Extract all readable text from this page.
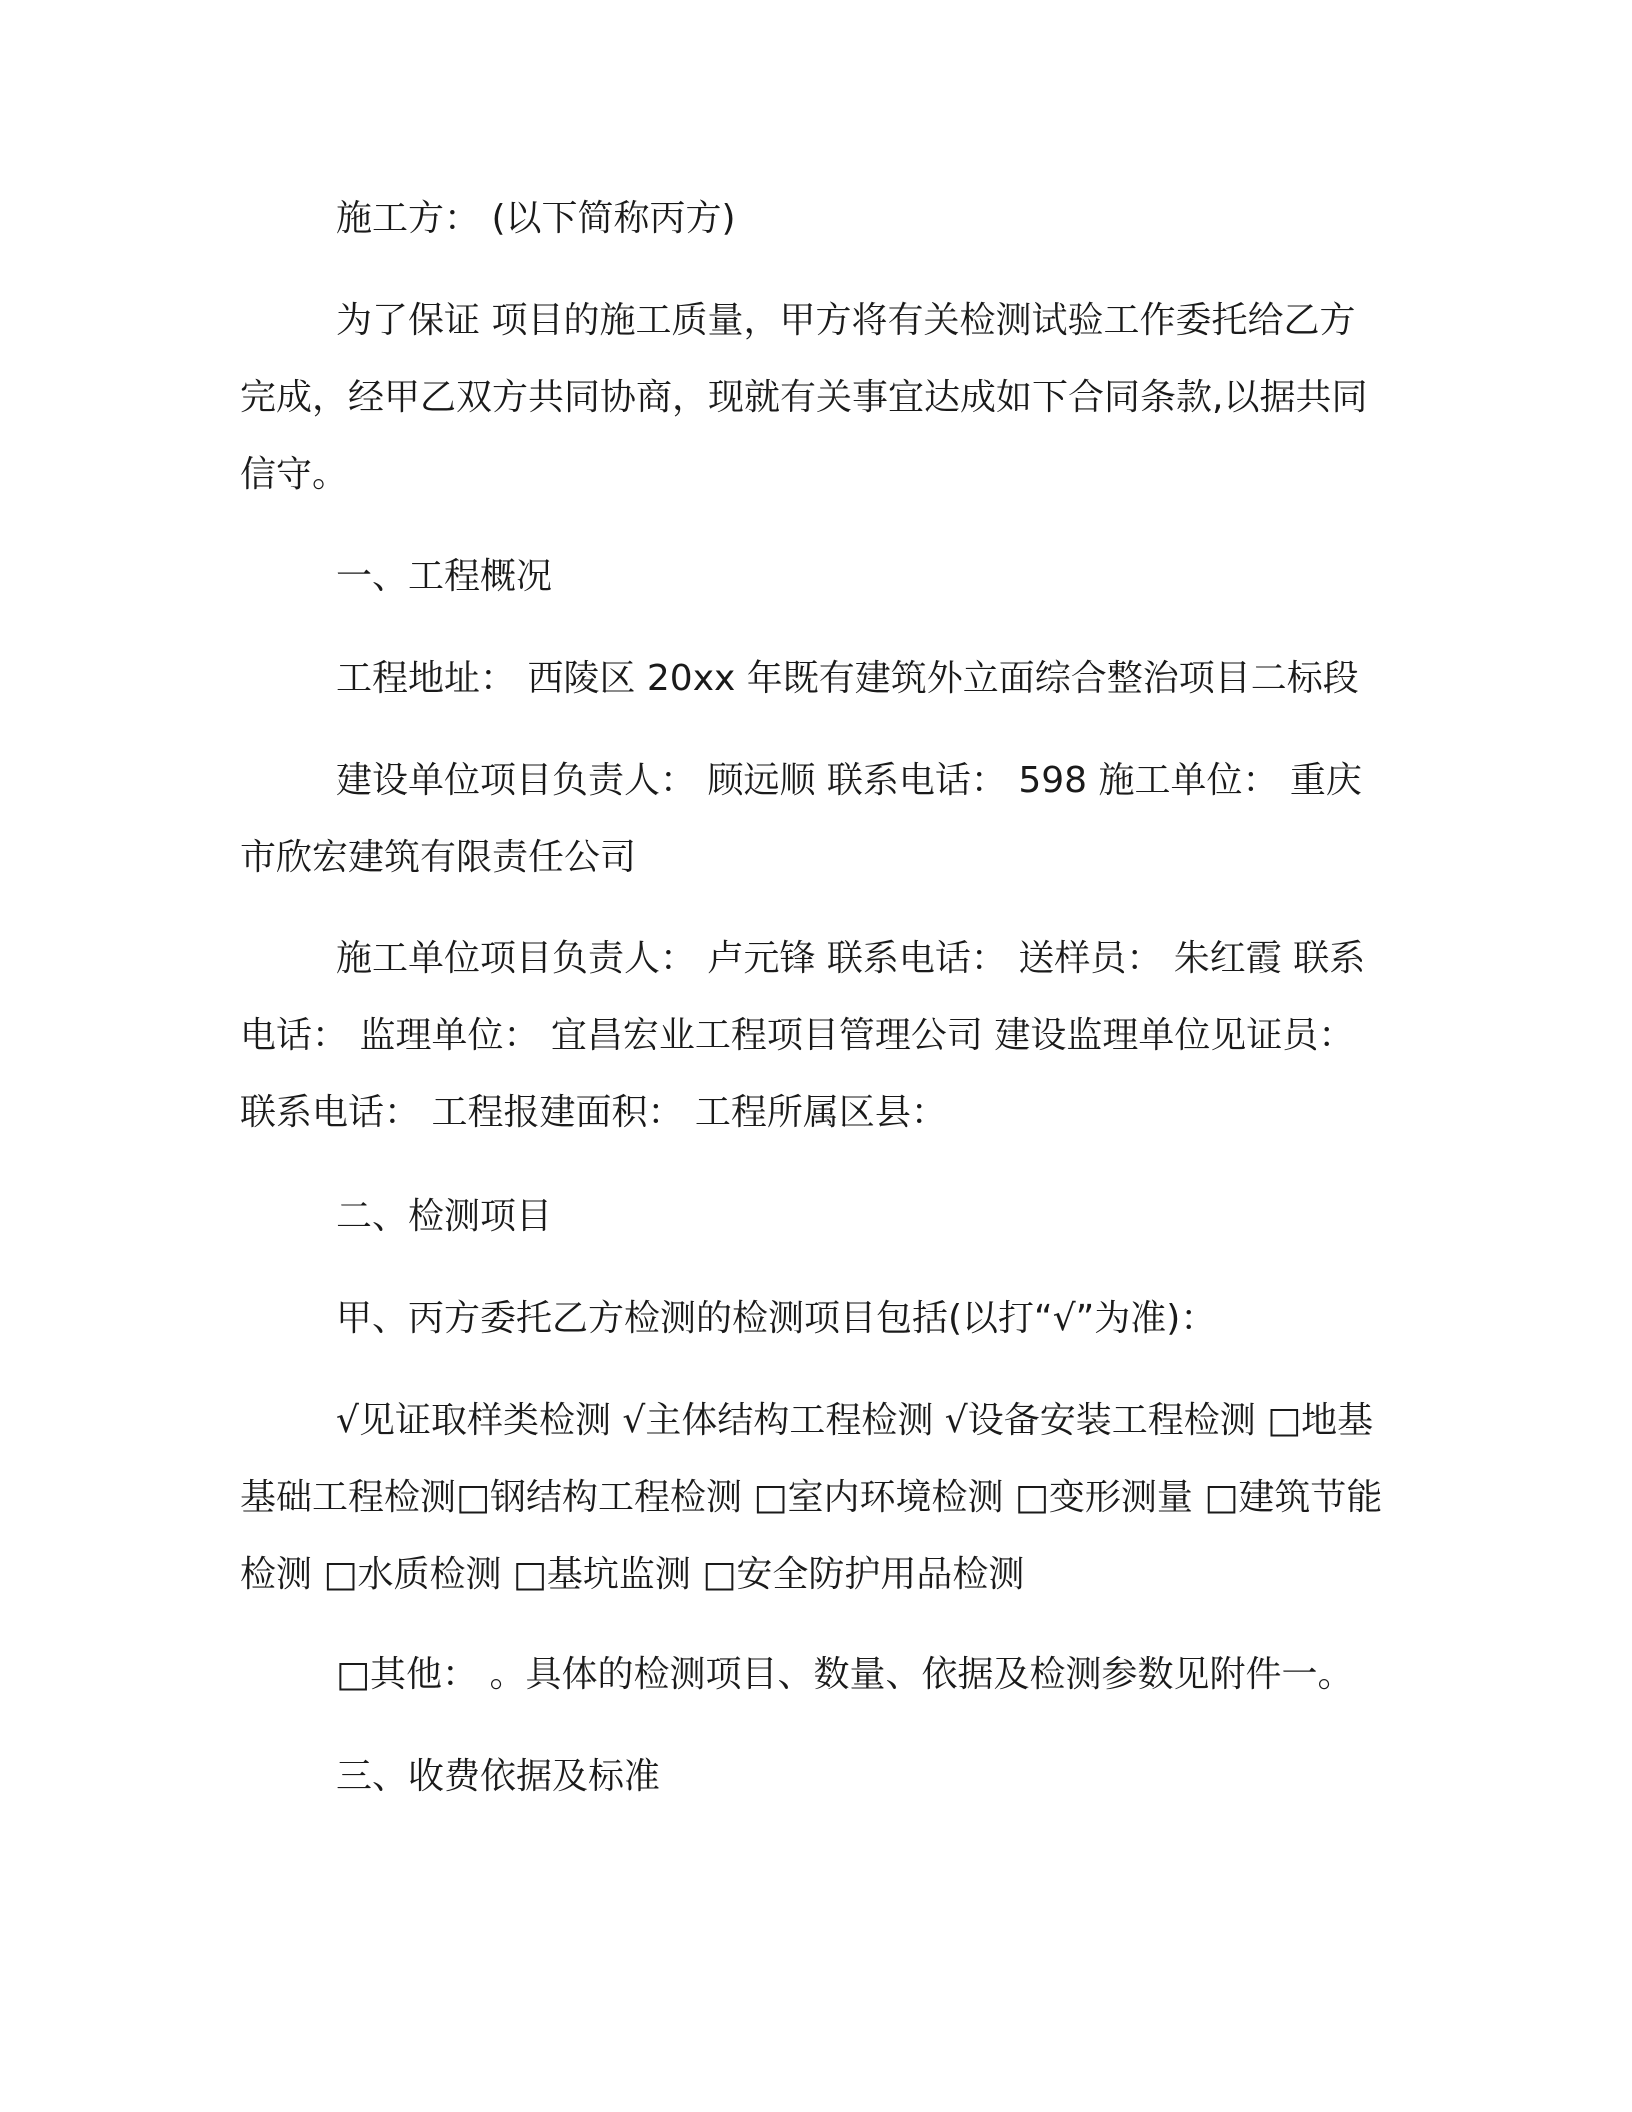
施工方： (以下简称丙方)

为了保证 项目的施工质量，甲方将有关检测试验工作委托给乙方完成，经甲乙双方共同协商，现就有关事宜达成如下合同条款,以据共同信守。

一、工程概况

工程地址： 西陵区 20xx 年既有建筑外立面综合整治项目二标段

建设单位项目负责人： 顾远顺 联系电话： 598 施工单位： 重庆市欣宏建筑有限责任公司

施工单位项目负责人： 卢元锋 联系电话： 送样员： 朱红霞 联系电话： 监理单位： 宜昌宏业工程项目管理公司 建设监理单位见证员： 联系电话： 工程报建面积： 工程所属区县：

二、检测项目

甲、丙方委托乙方检测的检测项目包括(以打“√”为准)：

√见证取样类检测 √主体结构工程检测 √设备安装工程检测 □地基基础工程检测□钢结构工程检测 □室内环境检测 □变形测量 □建筑节能检测 □水质检测 □基坑监测 □安全防护用品检测

□其他： 。具体的检测项目、数量、依据及检测参数见附件一。

三、收费依据及标准
